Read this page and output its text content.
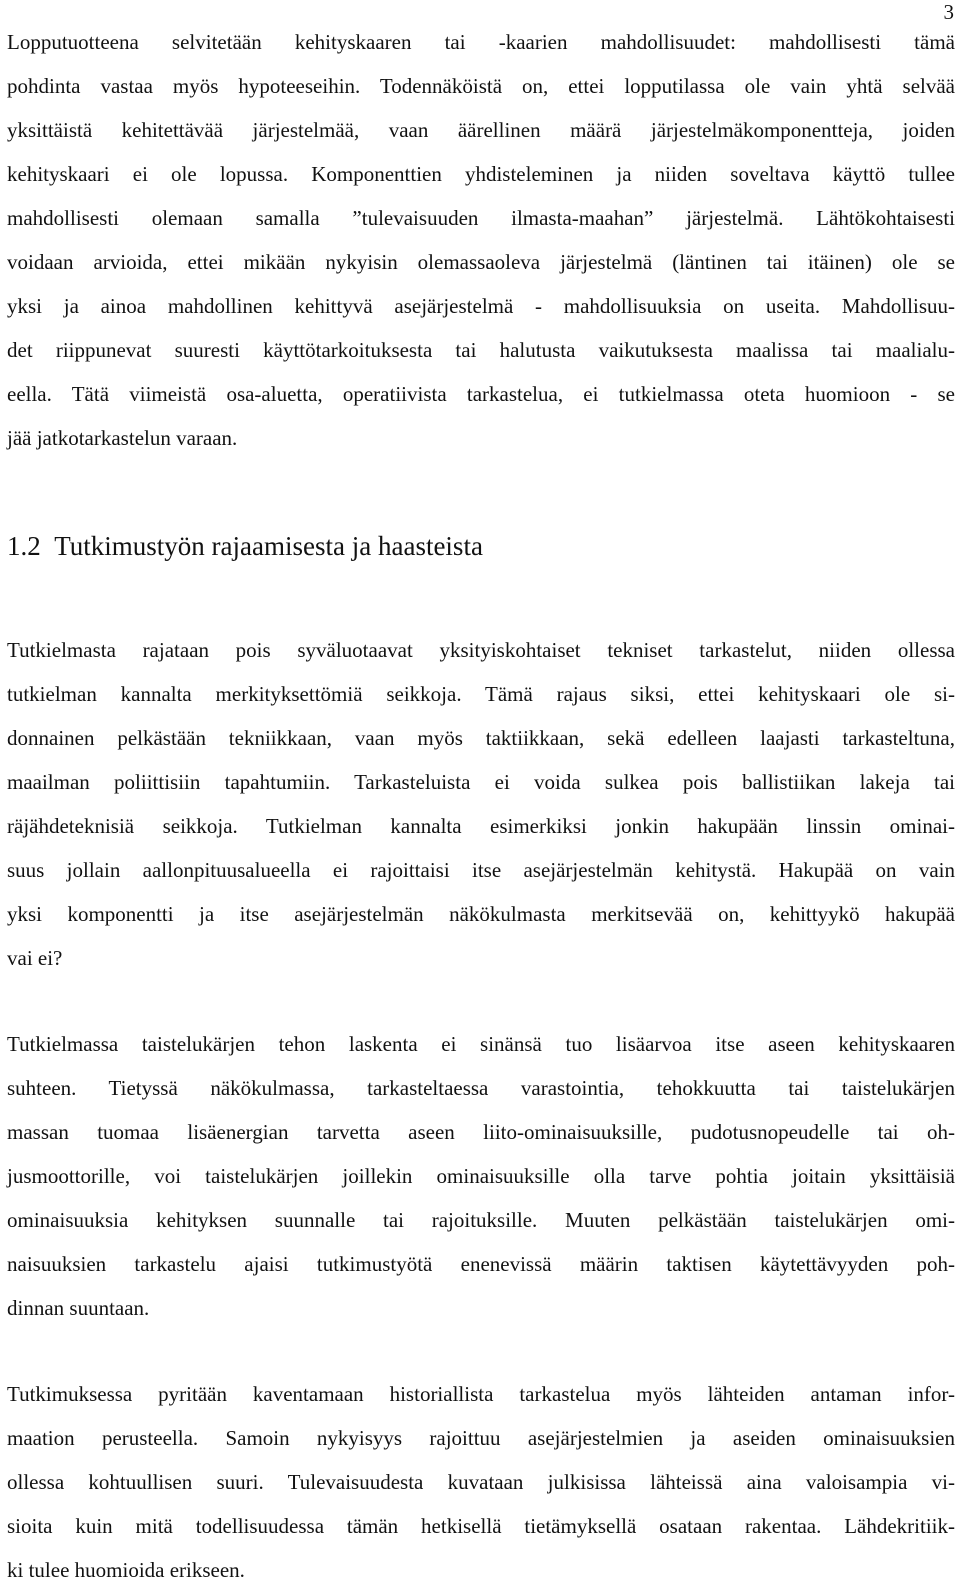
3
Lopputuotteena selvitetään kehityskaaren tai -kaarien mahdollisuudet: mahdollisesti tämä
pohdinta vastaa myös hypoteeseihin. Todennäköistä on, ettei lopputilassa ole vain yhtä selvää
yksittäistä kehitettävää järjestelmää, vaan äärellinen määrä järjestelmäkomponentteja, joiden
kehityskaari ei ole lopussa. Komponenttien yhdisteleminen ja niiden soveltava käyttö tullee
mahdollisesti olemaan samalla ”tulevaisuuden ilmasta-maahan” järjestelmä. Lähtökohtaisesti
voidaan arvioida, ettei mikään nykyisin olemassaoleva järjestelmä (läntinen tai itäinen) ole se
yksi ja ainoa mahdollinen kehittyvä asejärjestelmä - mahdollisuuksia on useita. Mahdollisuu-
det riippunevat suuresti käyttötarkoituksesta tai halutusta vaikutuksesta maalissa tai maalialu-
eella. Tätä viimeistä osa-aluetta, operatiivista tarkastelua, ei tutkielmassa oteta huomioon - se
jää jatkotarkastelun varaan.
1.2 Tutkimustyön rajaamisesta ja haasteista
Tutkielmasta rajataan pois syväluotaavat yksityiskohtaiset tekniset tarkastelut, niiden ollessa
tutkielman kannalta merkityksettömiä seikkoja. Tämä rajaus siksi, ettei kehityskaari ole si-
donnainen pelkästään tekniikkaan, vaan myös taktiikkaan, sekä edelleen laajasti tarkasteltuna,
maailman poliittisiin tapahtumiin. Tarkasteluista ei voida sulkea pois ballistiikan lakeja tai
räjähdeteknisiä seikkoja. Tutkielman kannalta esimerkiksi jonkin hakupään linssin ominai-
suus jollain aallonpituusalueella ei rajoittaisi itse asejärjestelmän kehitystä. Hakupää on vain
yksi komponentti ja itse asejärjestelmän näkökulmasta merkitsevää on, kehittyykö hakupää
vai ei?
Tutkielmassa taistelukärjen tehon laskenta ei sinänsä tuo lisäarvoa itse aseen kehityskaaren
suhteen. Tietyssä näkökulmassa, tarkasteltaessa varastointia, tehokkuutta tai taistelukärjen
massan tuomaa lisäenergian tarvetta aseen liito-ominaisuuksille, pudotusnopeudelle tai oh-
jusmoottorille, voi taistelukärjen joillekin ominaisuuksille olla tarve pohtia joitain yksittäisiä
ominaisuuksia kehityksen suunnalle tai rajoituksille. Muuten pelkästään taistelukärjen omi-
naisuuksien tarkastelu ajaisi tutkimustyötä enenevissä määrin taktisen käytettävyyden poh-
dinnan suuntaan.
Tutkimuksessa pyritään kaventamaan historiallista tarkastelua myös lähteiden antaman infor-
maation perusteella. Samoin nykyisyys rajoittuu asejärjestelmien ja aseiden ominaisuuksien
ollessa kohtuullisen suuri. Tulevaisuudesta kuvataan julkisissa lähteissä aina valoisampia vi-
sioita kuin mitä todellisuudessa tämän hetkisellä tietämyksellä osataan rakentaa. Lähdekritiik-
ki tulee huomioida erikseen.
